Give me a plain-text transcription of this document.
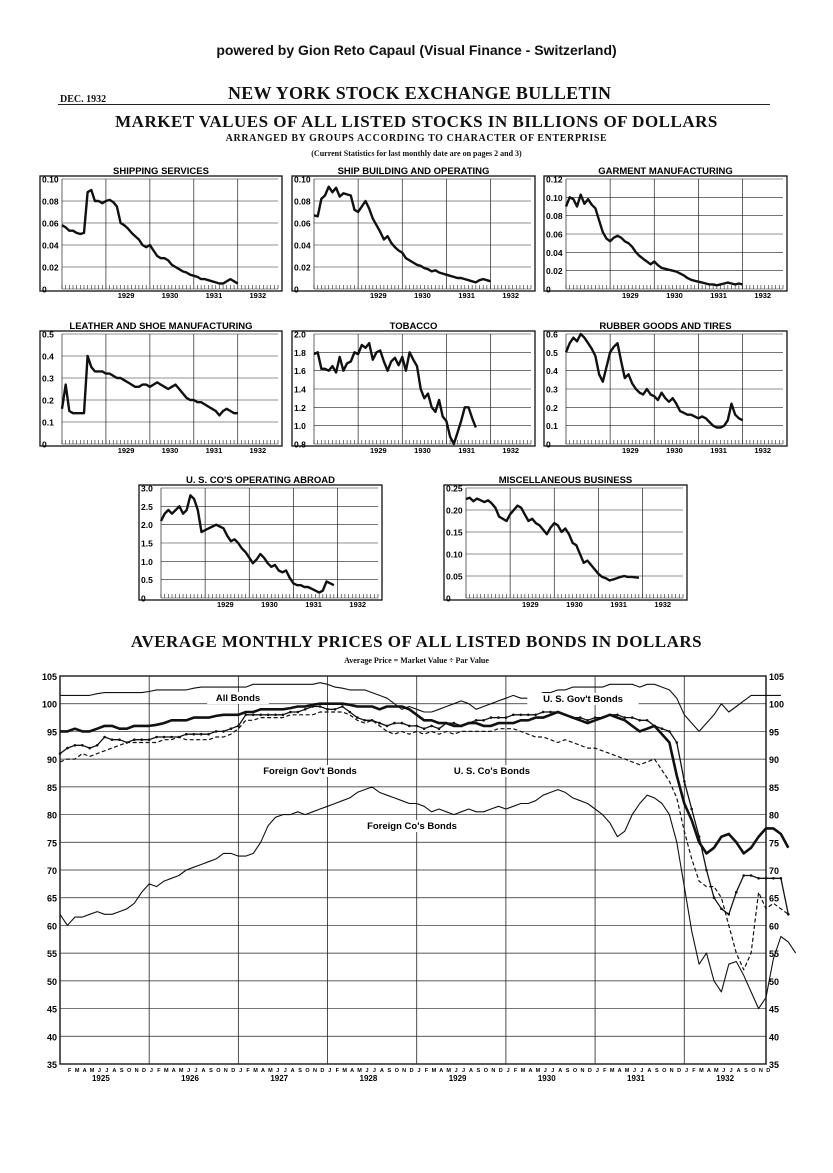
powered by Gion Reto Capaul (Visual Finance - Switzerland)
DEC. 1932	NEW YORK STOCK EXCHANGE BULLETIN
MARKET VALUES OF ALL LISTED STOCKS IN BILLIONS OF DOLLARS
ARRANGED BY GROUPS ACCORDING TO CHARACTER OF ENTERPRISE
(Current Statistics for last monthly date are on pages 2 and 3)
AVERAGE MONTHLY PRICES OF ALL LISTED BONDS IN DOLLARS
Average Price = Market Value ÷ Par Value
SHIPPING SERVICES
0
0.02
0.04
0.06
0.08
0.10
1929	1930	1931	1932
SHIP BUILDING AND OPERATING
0
0.02
0.04
0.06
0.08
0.10
1929	1930	1931	1932
GARMENT MANUFACTURING
0
0.02
0.04
0.06
0.08
0.10
0.12
1929	1930	1931	1932
LEATHER AND SHOE MANUFACTURING
0
0.1
0.2
0.3
0.4
0.5
1929	1930	1931	1932
TOBACCO
0.8
1.0
1.2
1.4
1.6
1.8
2.0
1929	1930	1931	1932
RUBBER GOODS AND TIRES
0
0.1
0.2
0.3
0.4
0.5
0.6
1929	1930	1931	1932
U. S. CO'S OPERATING ABROAD
0
0.5
1.0
1.5
2.0
2.5
3.0
1929	1930	1931	1932
MISCELLANEOUS BUSINESS
0
0.05
0.10
0.15
0.20
0.25
1929	1930	1931	1932
35	35
40	40
45	45
50	50
55	55
60	60
65	65
70	70
75	75
80	80
85	85
90	90
95	95
100	100
105	105
F M A M J J A S O N D J F M A M J J A S O N D J F M A M J J A S O N D J F M A M J J A S O N D J F M A M J J A S O N D J F M A M J J A S O N D J F M A M J J A S O N D J F M A M J J A S O N D
1925	1926	1927	1928	1929	1930	1931	1932
All Bonds	U. S. Gov't Bonds
Foreign Gov't Bonds	U. S. Co's Bonds
Foreign Co's Bonds
